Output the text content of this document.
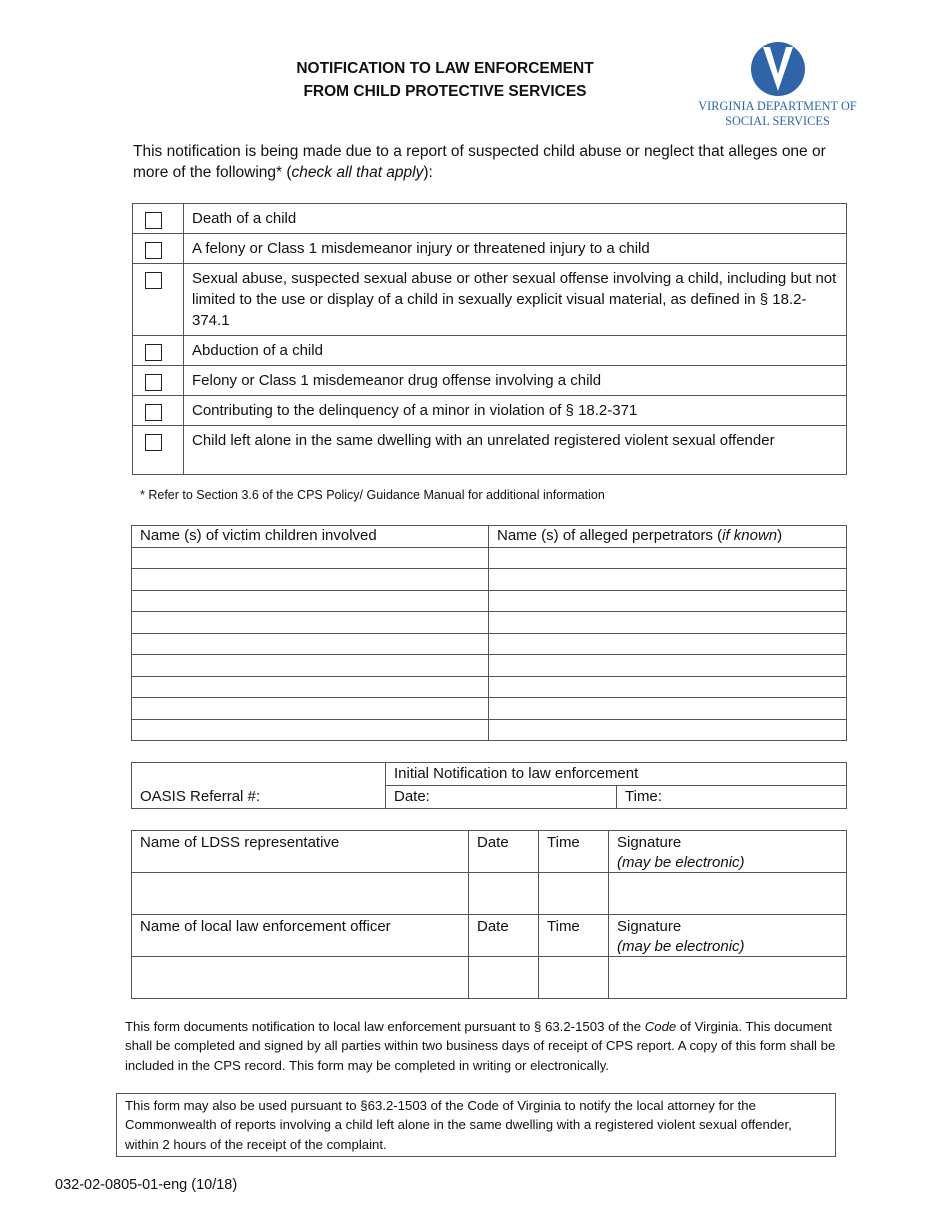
NOTIFICATION TO LAW ENFORCEMENT
FROM CHILD PROTECTIVE SERVICES
VIRGINIA DEPARTMENT OF
SOCIAL SERVICES
This notification is being made due to a report of suspected child abuse or neglect that alleges one or more of the following* (check all that apply):
	Death of a child

	A felony or Class 1 misdemeanor injury or threatened injury to a child

	Sexual abuse, suspected sexual abuse or other sexual offense involving a child, including but not limited to the use or display of a child in sexually explicit visual material, as defined in § 18.2-374.1

	Abduction of a child

	Felony or Class 1 misdemeanor drug offense involving a child

	Contributing to the delinquency of a minor in violation of § 18.2-371

	Child left alone in the same dwelling with an unrelated registered violent sexual offender
* Refer to Section 3.6 of the CPS Policy/ Guidance Manual for additional information
Name (s) of victim children involved	Name (s) of alleged perpetrators (if known)

OASIS Referral #:	Initial Notification to law enforcement	
	Date:	Time:
Name of LDSS representative	Date	Time	Signature
(may be electronic)

Name of local law enforcement officer	Date	Time	Signature
(may be electronic)

This form documents notification to local law enforcement pursuant to § 63.2-1503 of the Code of Virginia. This document shall be completed and signed by all parties within two business days of receipt of CPS report. A copy of this form shall be included in the CPS record. This form may be completed in writing or electronically.
This form may also be used pursuant to §63.2-1503 of the Code of Virginia to notify the local attorney for the Commonwealth of reports involving a child left alone in the same dwelling with a registered violent sexual offender, within 2 hours of the receipt of the complaint.
032-02-0805-01-eng (10/18)
